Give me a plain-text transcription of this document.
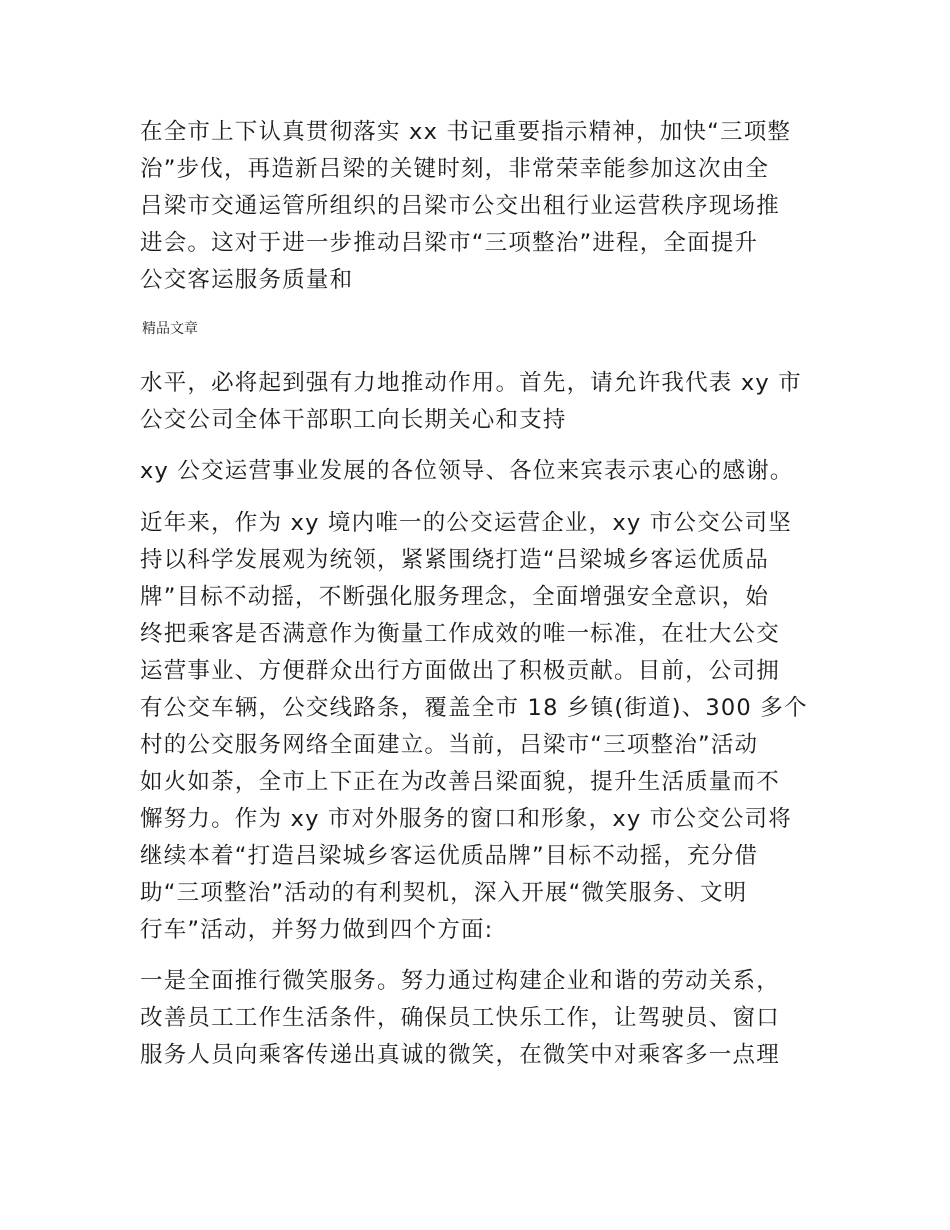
在全市上下认真贯彻落实 xx 书记重要指示精神，加快“三项整
治”步伐，再造新吕梁的关键时刻，非常荣幸能参加这次由全
吕梁市交通运管所组织的吕梁市公交出租行业运营秩序现场推
进会。这对于进一步推动吕梁市“三项整治”进程，全面提升
公交客运服务质量和

精品文章

水平，必将起到强有力地推动作用。首先，请允许我代表 xy 市
公交公司全体干部职工向长期关心和支持

xy 公交运营事业发展的各位领导、各位来宾表示衷心的感谢。

近年来，作为 xy 境内唯一的公交运营企业，xy 市公交公司坚
持以科学发展观为统领，紧紧围绕打造“吕梁城乡客运优质品
牌”目标不动摇，不断强化服务理念，全面增强安全意识，始
终把乘客是否满意作为衡量工作成效的唯一标准，在壮大公交
运营事业、方便群众出行方面做出了积极贡献。目前，公司拥
有公交车辆，公交线路条，覆盖全市 18 乡镇(街道)、300 多个
村的公交服务网络全面建立。当前，吕梁市“三项整治”活动
如火如荼，全市上下正在为改善吕梁面貌，提升生活质量而不
懈努力。作为 xy 市对外服务的窗口和形象，xy 市公交公司将
继续本着“打造吕梁城乡客运优质品牌”目标不动摇，充分借
助“三项整治”活动的有利契机，深入开展“微笑服务、文明
行车”活动，并努力做到四个方面:

一是全面推行微笑服务。努力通过构建企业和谐的劳动关系，
改善员工工作生活条件，确保员工快乐工作，让驾驶员、窗口
服务人员向乘客传递出真诚的微笑，在微笑中对乘客多一点理
